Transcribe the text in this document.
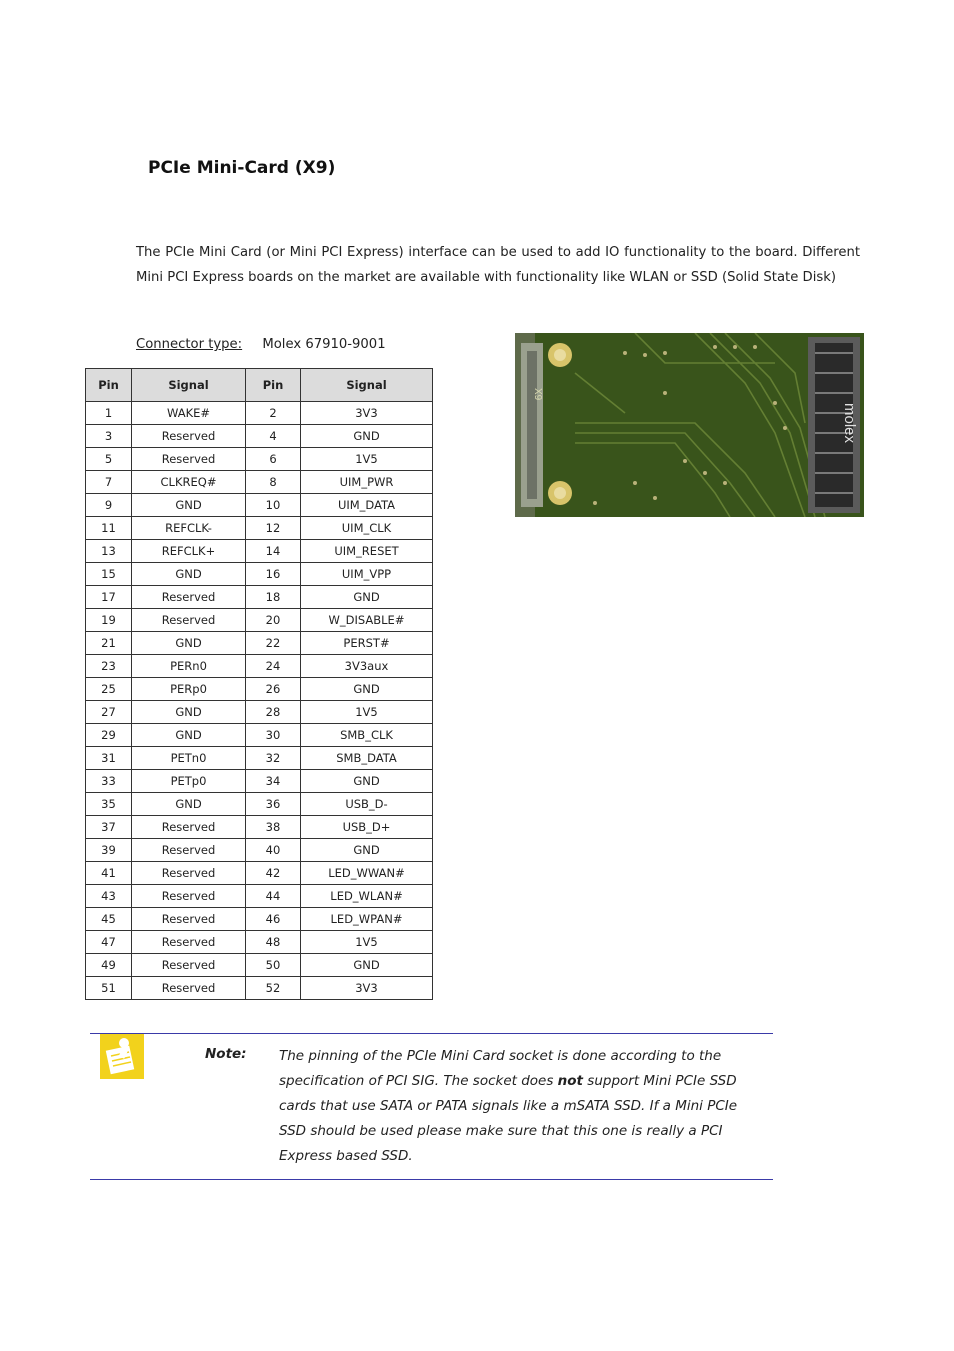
PCIe Mini-Card (X9)

The PCIe Mini Card (or Mini PCI Express) interface can be used to add IO functionality to the board. Different Mini PCI Express boards on the market are available with functionality like WLAN or SSD (Solid State Disk)

Connector type: Molex 67910-9001
Pin	Signal	Pin	Signal
1	WAKE#	2	3V3
3	Reserved	4	GND
5	Reserved	6	1V5
7	CLKREQ#	8	UIM_PWR
9	GND	10	UIM_DATA
11	REFCLK-	12	UIM_CLK
13	REFCLK+	14	UIM_RESET
15	GND	16	UIM_VPP
17	Reserved	18	GND
19	Reserved	20	W_DISABLE#
21	GND	22	PERST#
23	PERn0	24	3V3aux
25	PERp0	26	GND
27	GND	28	1V5
29	GND	30	SMB_CLK
31	PETn0	32	SMB_DATA
33	PETp0	34	GND
35	GND	36	USB_D-
37	Reserved	38	USB_D+
39	Reserved	40	GND
41	Reserved	42	LED_WWAN#
43	Reserved	44	LED_WLAN#
45	Reserved	46	LED_WPAN#
47	Reserved	48	1V5
49	Reserved	50	GND
51	Reserved	52	3V3
molex
X9
Note: The pinning of the PCIe Mini Card socket is done according to the specification of PCI SIG. The socket does not support Mini PCIe SSD cards that use SATA or PATA signals like a mSATA SSD. If a Mini PCIe SSD should be used please make sure that this one is really a PCI Express based SSD.
